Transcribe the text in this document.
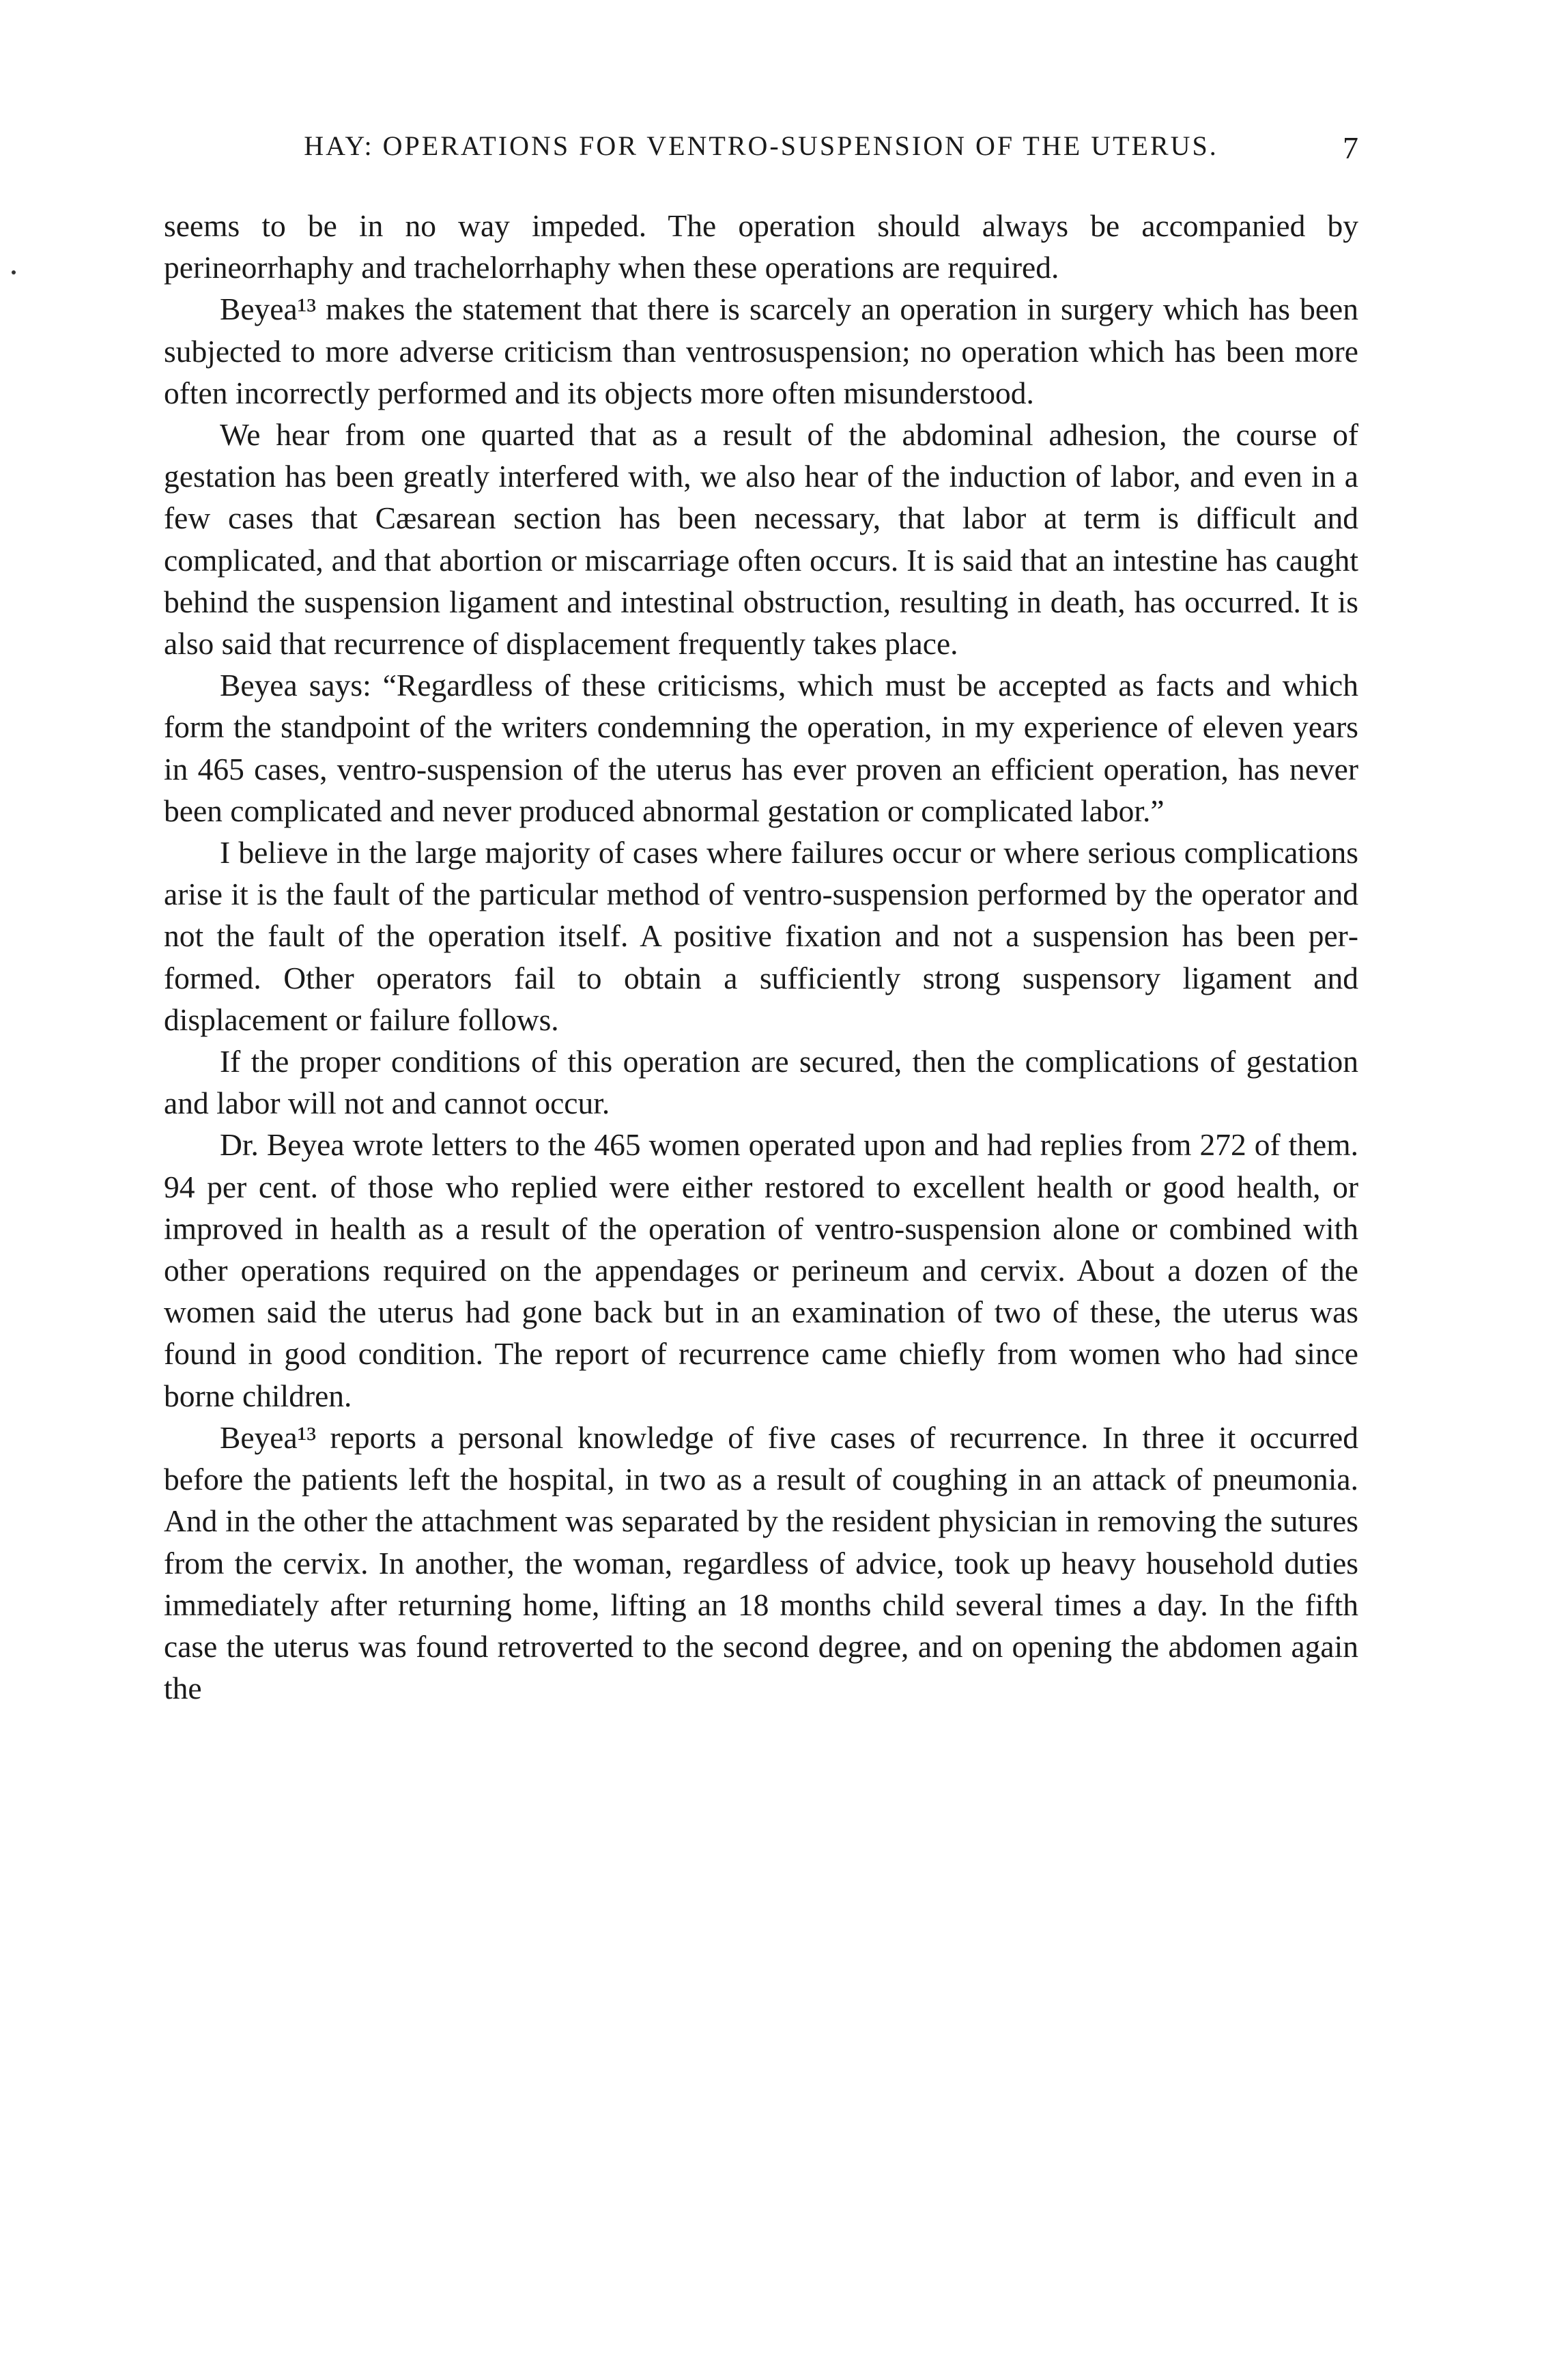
HAY: OPERATIONS FOR VENTRO-SUSPENSION OF THE UTERUS.	7

seems to be in no way impeded. The operation should always be accompanied by perineorrhaphy and trachelorrhaphy when these operations are required.

Beyea¹³ makes the statement that there is scarcely an operation in surgery which has been subjected to more adverse criticism than ventrosuspension; no operation which has been more often incorrectly performed and its objects more often misunderstood.

We hear from one quarted that as a result of the abdominal adhesion, the course of gestation has been greatly interfered with, we also hear of the induction of labor, and even in a few cases that Cæsarean section has been necessary, that labor at term is difficult and complicated, and that abortion or miscarriage often occurs. It is said that an intestine has caught behind the suspension ligament and intestinal obstruction, resulting in death, has occurred. It is also said that recurrence of displacement frequently takes place.

Beyea says: “Regardless of these criticisms, which must be accepted as facts and which form the standpoint of the writers condemning the operation, in my experience of eleven years in 465 cases, ventro-suspension of the uterus has ever proven an efficient operation, has never been complicated and never produced abnormal gestation or complicated labor.”

I believe in the large majority of cases where failures occur or where serious complications arise it is the fault of the particular method of ventro-suspension performed by the operator and not the fault of the operation itself. A positive fixation and not a suspension has been performed. Other operators fail to obtain a sufficiently strong suspensory ligament and displacement or failure follows.

If the proper conditions of this operation are secured, then the complications of gestation and labor will not and cannot occur.

Dr. Beyea wrote letters to the 465 women operated upon and had replies from 272 of them. 94 per cent. of those who replied were either restored to excellent health or good health, or improved in health as a result of the operation of ventro-suspension alone or combined with other operations required on the appendages or perineum and cervix. About a dozen of the women said the uterus had gone back but in an examination of two of these, the uterus was found in good condition. The report of recurrence came chiefly from women who had since borne children.

Beyea¹³ reports a personal knowledge of five cases of recurrence. In three it occurred before the patients left the hospital, in two as a result of coughing in an attack of pneumonia. And in the other the attachment was separated by the resident physician in removing the sutures from the cervix. In another, the woman, regardless of advice, took up heavy household duties immediately after returning home, lifting an 18 months child several times a day. In the fifth case the uterus was found retroverted to the second degree, and on opening the abdomen again the
